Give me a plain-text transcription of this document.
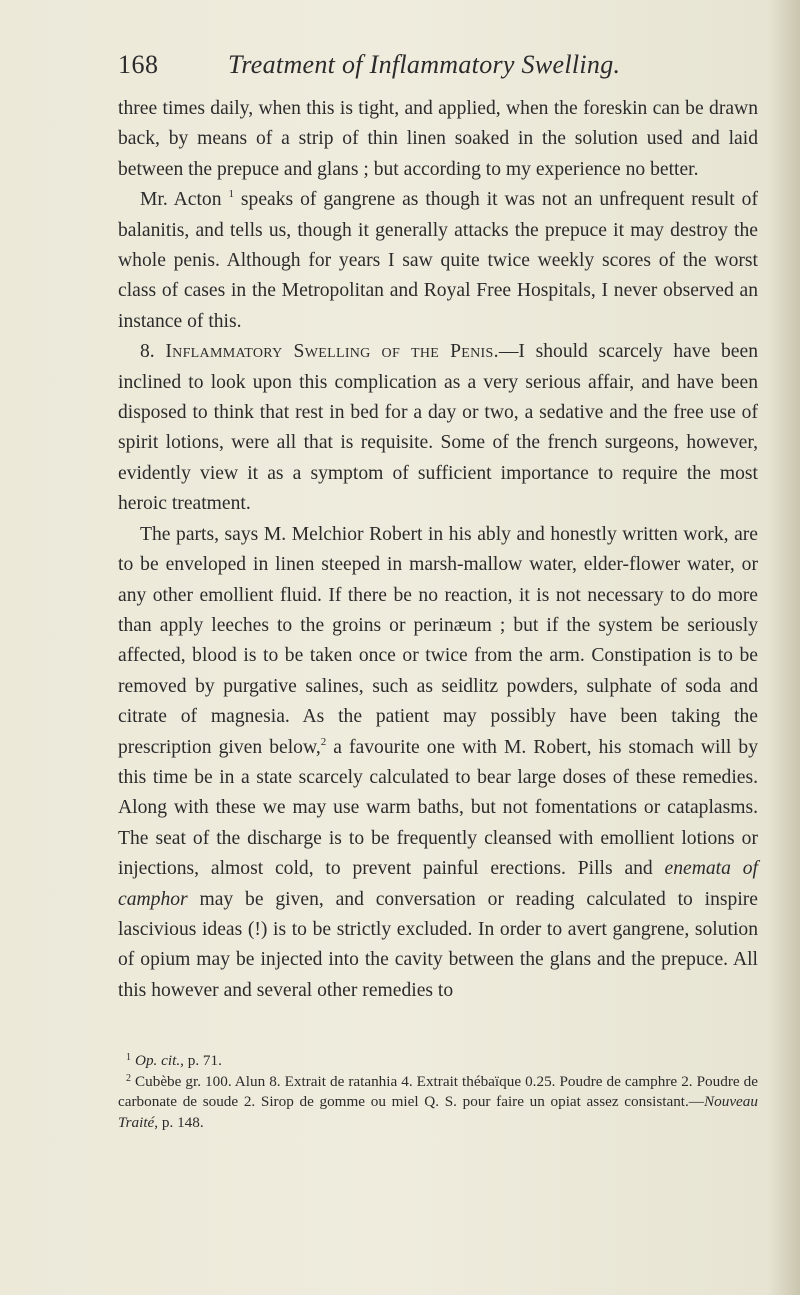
168	Treatment of Inflammatory Swelling.

three times daily, when this is tight, and applied, when the foreskin can be drawn back, by means of a strip of thin linen soaked in the solution used and laid between the prepuce and glans ; but according to my experience no better.

Mr. Acton $^1$ speaks of gangrene as though it was not an unfrequent result of balanitis, and tells us, though it generally attacks the prepuce it may destroy the whole penis. Although for years I saw quite twice weekly scores of the worst class of cases in the Metropolitan and Royal Free Hospitals, I never observed an instance of this.

8. Inflammatory Swelling of the Penis.—I should scarcely have been inclined to look upon this complication as a very serious affair, and have been disposed to think that rest in bed for a day or two, a sedative and the free use of spirit lotions, were all that is requisite. Some of the french surgeons, however, evidently view it as a symptom of sufficient importance to require the most heroic treatment.

The parts, says M. Melchior Robert in his ably and honestly written work, are to be enveloped in linen steeped in marsh-mallow water, elder-flower water, or any other emollient fluid. If there be no reaction, it is not necessary to do more than apply leeches to the groins or perinæum ; but if the system be seriously affected, blood is to be taken once or twice from the arm. Constipation is to be removed by purgative salines, such as seidlitz powders, sulphate of soda and citrate of magnesia. As the patient may possibly have been taking the prescription given below,$^2$ a favourite one with M. Robert, his stomach will by this time be in a state scarcely calculated to bear large doses of these remedies. Along with these we may use warm baths, but not fomentations or cataplasms. The seat of the discharge is to be frequently cleansed with emollient lotions or injections, almost cold, to prevent painful erections. Pills and enemata of camphor may be given, and conversation or reading calculated to inspire lascivious ideas (!) is to be strictly excluded. In order to avert gangrene, solution of opium may be injected into the cavity between the glans and the prepuce. All this however and several other remedies to

$^1$ Op. cit., p. 71.

$^2$ Cubèbe gr. 100. Alun 8. Extrait de ratanhia 4. Extrait thébaïque 0.25. Poudre de camphre 2. Poudre de carbonate de soude 2. Sirop de gomme ou miel Q. S. pour faire un opiat assez consistant.—Nouveau Traité, p. 148.
